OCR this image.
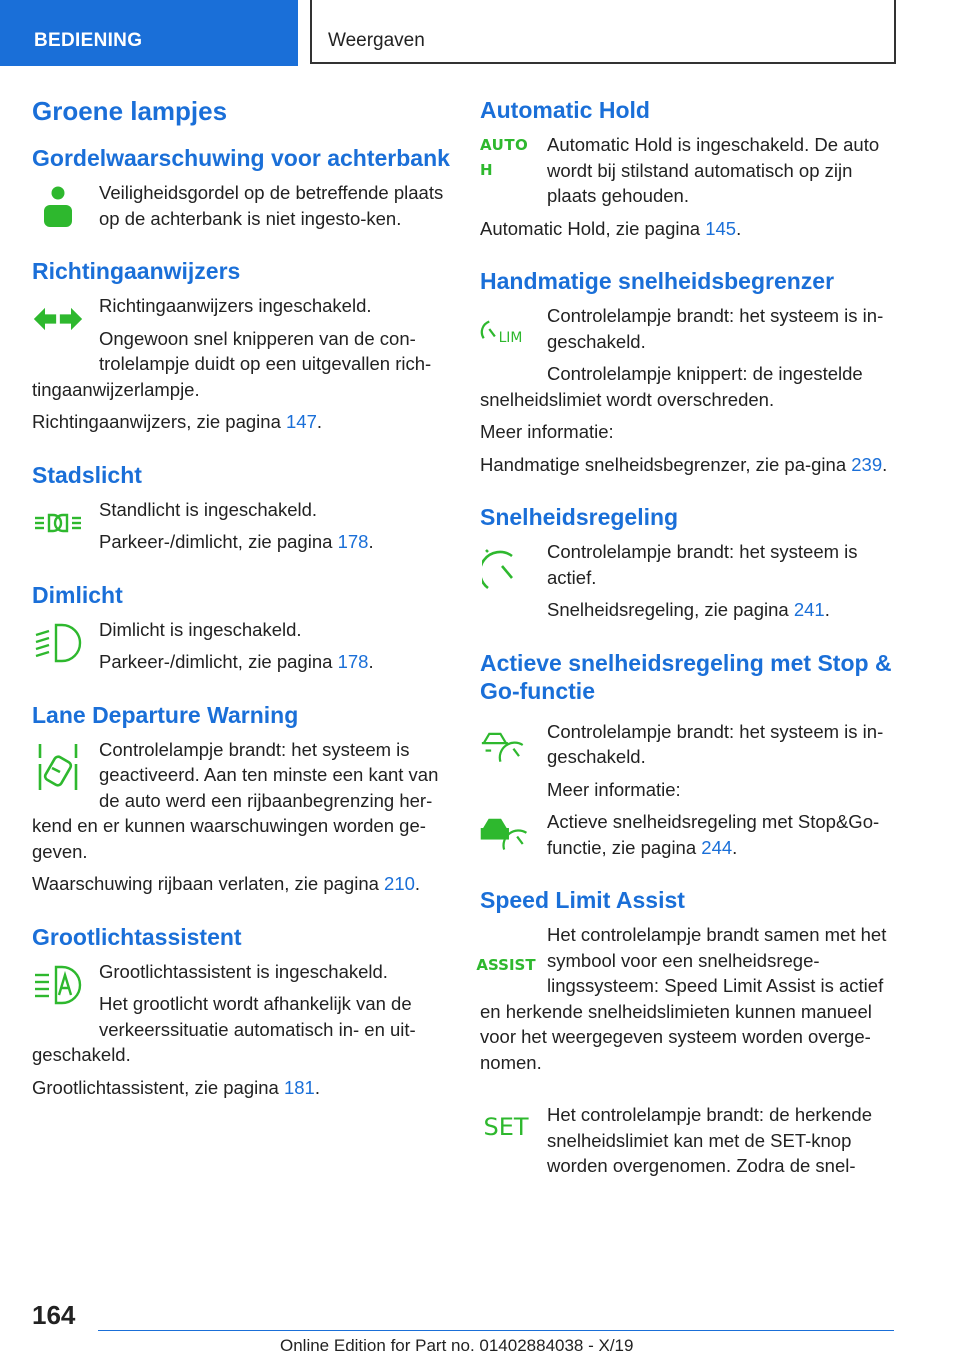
BEDIENING	Weergaven
Groene lampjes
Gordelwaarschuwing voor achterbank

Veiligheidsgordel op de betreffende plaats op de achterbank is niet ingesto-ken.

Richtingaanwijzers

Richtingaanwijzers ingeschakeld.

Ongewoon snel knipperen van de con-trolelampje duidt op een uitgevallen rich-

tingaanwijzerlampje.

Richtingaanwijzers, zie pagina 147.

Stadslicht

Standlicht is ingeschakeld.

Parkeer-/dimlicht, zie pagina 178.

Dimlicht

Dimlicht is ingeschakeld.

Parkeer-/dimlicht, zie pagina 178.

Lane Departure Warning

Controlelampje brandt: het systeem is geactiveerd. Aan ten minste een kant van de auto werd een rijbaanbegrenzing her-

kend en er kunnen waarschuwingen worden ge-geven.

Waarschuwing rijbaan verlaten, zie pagina 210.

Grootlichtassistent

Grootlichtassistent is ingeschakeld.

Het grootlicht wordt afhankelijk van de verkeerssituatie automatisch in- en uit-

geschakeld.

Grootlichtassistent, zie pagina 181.

Automatic Hold
AUTO H

Automatic Hold is ingeschakeld. De auto wordt bij stilstand automatisch op zijn plaats gehouden.

Automatic Hold, zie pagina 145.

Handmatige snelheidsbegrenzer
LIM

Controlelampje brandt: het systeem is in-geschakeld.

Controlelampje knippert: de ingestelde

snelheidslimiet wordt overschreden.

Meer informatie:

Handmatige snelheidsbegrenzer, zie pa-gina 239.

Snelheidsregeling

Controlelampje brandt: het systeem is actief.

Snelheidsregeling, zie pagina 241.

Actieve snelheidsregeling met Stop & Go-functie

Controlelampje brandt: het systeem is in-geschakeld.

Meer informatie:

Actieve snelheidsregeling met Stop&Go-functie, zie pagina 244.

Speed Limit Assist
ASSIST

Het controlelampje brandt samen met het symbool voor een snelheidsrege-lingssysteem: Speed Limit Assist is actief

en herkende snelheidslimieten kunnen manueel voor het weergegeven systeem worden overge-nomen.

SET Het controlelampje brandt: de herkende snelheidslimiet kan met de SET-knop worden overgenomen. Zodra de snel-

164
Online Edition for Part no. 01402884038 - X/19
